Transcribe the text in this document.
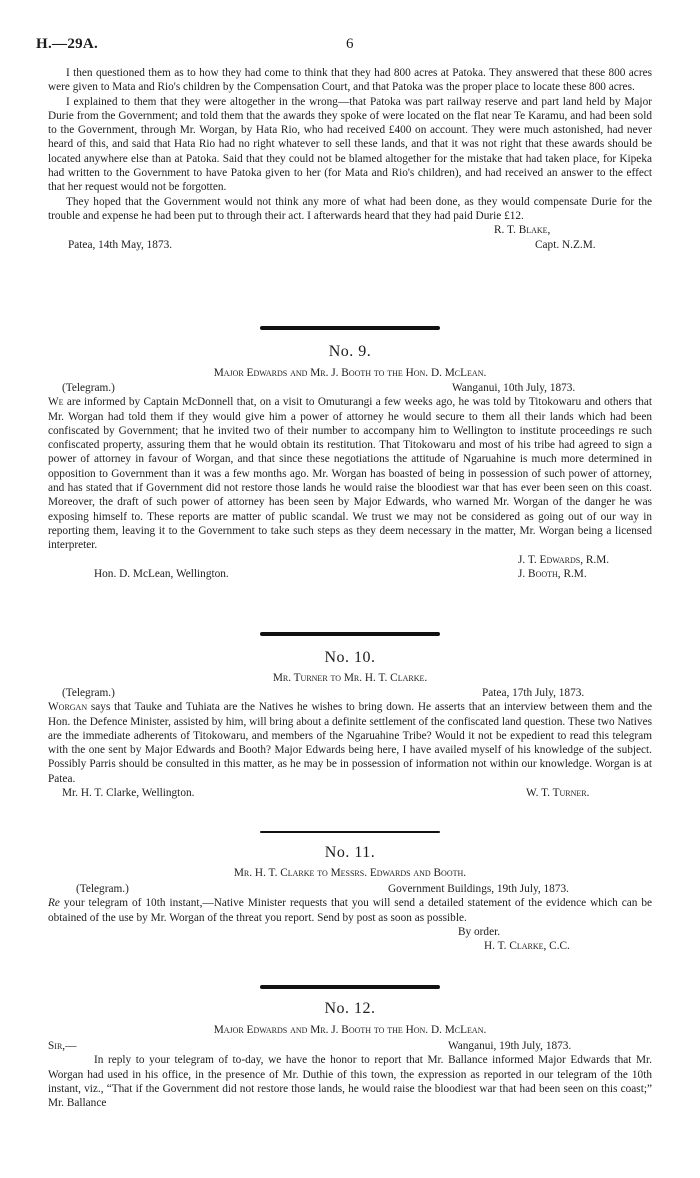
H.—29A.	6

I then questioned them as to how they had come to think that they had 800 acres at Patoka. They answered that these 800 acres were given to Mata and Rio's children by the Compensation Court, and that Patoka was the proper place to locate these 800 acres.

I explained to them that they were altogether in the wrong—that Patoka was part railway reserve and part land held by Major Durie from the Government; and told them that the awards they spoke of were located on the flat near Te Karamu, and had been sold to the Government, through Mr. Worgan, by Hata Rio, who had received £400 on account. They were much astonished, had never heard of this, and said that Hata Rio had no right whatever to sell these lands, and that it was not right that these awards should be located anywhere else than at Patoka. Said that they could not be blamed altogether for the mistake that had taken place, for Kipeka had written to the Government to have Patoka given to her (for Mata and Rio's children), and had received an answer to the effect that her request would not be forgotten.

They hoped that the Government would not think any more of what had been done, as they would compensate Durie for the trouble and expense he had been put to through their act. I afterwards heard that they had paid Durie £12.

R. T. Blake,
Patea, 14th May, 1873.	Capt. N.Z.M.
No. 9.
Major Edwards and Mr. J. Booth to the Hon. D. McLean.
(Telegram.)	Wanganui, 10th July, 1873.

We are informed by Captain McDonnell that, on a visit to Omuturangi a few weeks ago, he was told by Titokowaru and others that Mr. Worgan had told them if they would give him a power of attorney he would secure to them all their lands which had been confiscated by Government; that he invited two of their number to accompany him to Wellington to institute proceedings re such confiscated property, assuring them that he would obtain its restitution. That Titokowaru and most of his tribe had agreed to sign a power of attorney in favour of Worgan, and that since these negotiations the attitude of Ngaruahine is much more determined in opposition to Government than it was a few months ago. Mr. Worgan has boasted of being in possession of such power of attorney, and has stated that if Government did not restore those lands he would raise the bloodiest war that has ever been seen on this coast. Moreover, the draft of such power of attorney has been seen by Major Edwards, who warned Mr. Worgan of the danger he was exposing himself to. These reports are matter of public scandal. We trust we may not be considered as going out of our way in reporting them, leaving it to the Government to take such steps as they deem necessary in the matter, Mr. Worgan being a licensed interpreter.

J. T. Edwards, R.M.
Hon. D. McLean, Wellington.	J. Booth, R.M.
No. 10.
Mr. Turner to Mr. H. T. Clarke.
(Telegram.)	Patea, 17th July, 1873.

Worgan says that Tauke and Tuhiata are the Natives he wishes to bring down. He asserts that an interview between them and the Hon. the Defence Minister, assisted by him, will bring about a definite settlement of the confiscated land question. These two Natives are the immediate adherents of Titokowaru, and members of the Ngaruahine Tribe? Would it not be expedient to read this telegram with the one sent by Major Edwards and Booth? Major Edwards being here, I have availed myself of his knowledge of the subject. Possibly Parris should be consulted in this matter, as he may be in possession of information not within our knowledge. Worgan is at Patea.

Mr. H. T. Clarke, Wellington.	W. T. Turner.
No. 11.
Mr. H. T. Clarke to Messrs. Edwards and Booth.
(Telegram.)	Government Buildings, 19th July, 1873.

Re your telegram of 10th instant,—Native Minister requests that you will send a detailed statement of the evidence which can be obtained of the use by Mr. Worgan of the threat you report. Send by post as soon as possible.

By order.
H. T. Clarke, C.C.
No. 12.
Major Edwards and Mr. J. Booth to the Hon. D. McLean.
Sir,—	Wanganui, 19th July, 1873.

In reply to your telegram of to-day, we have the honor to report that Mr. Ballance informed Major Edwards that Mr. Worgan had used in his office, in the presence of Mr. Duthie of this town, the expression as reported in our telegram of the 10th instant, viz., “That if the Government did not restore those lands, he would raise the bloodiest war that had been seen on this coast;” Mr. Ballance
